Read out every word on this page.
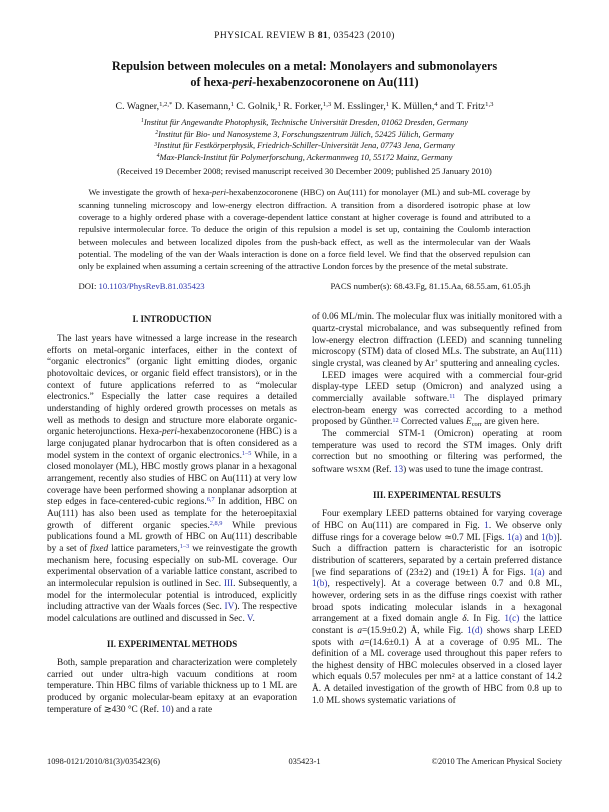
PHYSICAL REVIEW B 81, 035423 (2010)
Repulsion between molecules on a metal: Monolayers and submonolayers
of hexa-peri-hexabenzocoronene on Au(111)
C. Wagner,$^{1,2,*}$ D. Kasemann,$^1$ C. Golnik,$^1$ R. Forker,$^{1,3}$ M. Esslinger,$^1$ K. Müllen,$^4$ and T. Fritz$^{1,3}$
$^1$Institut für Angewandte Photophysik, Technische Universität Dresden, 01062 Dresden, Germany
$^2$Institut für Bio- und Nanosysteme 3, Forschungszentrum Jülich, 52425 Jülich, Germany
$^3$Institut für Festkörperphysik, Friedrich-Schiller-Universität Jena, 07743 Jena, Germany
$^4$Max-Planck-Institut für Polymerforschung, Ackermannweg 10, 55172 Mainz, Germany
(Received 19 December 2008; revised manuscript received 30 December 2009; published 25 January 2010)
We investigate the growth of hexa-peri-hexabenzocoronene (HBC) on Au(111) for monolayer (ML) and sub-ML coverage by scanning tunneling microscopy and low-energy electron diffraction. A transition from a disordered isotropic phase at low coverage to a highly ordered phase with a coverage-dependent lattice constant at higher coverage is found and attributed to a repulsive intermolecular force. To deduce the origin of this repulsion a model is set up, containing the Coulomb interaction between molecules and between localized dipoles from the push-back effect, as well as the intermolecular van der Waals potential. The modeling of the van der Waals interaction is done on a force field level. We find that the observed repulsion can only be explained when assuming a certain screening of the attractive London forces by the presence of the metal substrate.
DOI: 10.1103/PhysRevB.81.035423	PACS number(s): 68.43.Fg, 81.15.Aa, 68.55.am, 61.05.jh
I. INTRODUCTION

The last years have witnessed a large increase in the research efforts on metal-organic interfaces, either in the context of “organic electronics” (organic light emitting diodes, organic photovoltaic devices, or organic field effect transistors), or in the context of future applications referred to as “molecular electronics.” Especially the latter case requires a detailed understanding of highly ordered growth processes on metals as well as methods to design and structure more elaborate organic-organic heterojunctions. Hexa-peri-hexabenzocoronene (HBC) is a large conjugated planar hydrocarbon that is often considered as a model system in the context of organic electronics.$^{1-5}$ While, in a closed monolayer (ML), HBC mostly grows planar in a hexagonal arrangement, recently also studies of HBC on Au(111) at very low coverage have been performed showing a nonplanar adsorption at step edges in face-centered-cubic regions.$^{6,7}$ In addition, HBC on Au(111) has also been used as template for the heteroepitaxial growth of different organic species.$^{2,8,9}$ While previous publications found a ML growth of HBC on Au(111) describable by a set of fixed lattice parameters,$^{1-3}$ we reinvestigate the growth mechanism here, focusing especially on sub-ML coverage. Our experimental observation of a variable lattice constant, ascribed to an intermolecular repulsion is outlined in Sec. III. Subsequently, a model for the intermolecular potential is introduced, explicitly including attractive van der Waals forces (Sec. IV). The respective model calculations are outlined and discussed in Sec. V.

II. EXPERIMENTAL METHODS

Both, sample preparation and characterization were completely carried out under ultra-high vacuum conditions at room temperature. Thin HBC films of variable thickness up to 1 ML are produced by organic molecular-beam epitaxy at an evaporation temperature of ≳430 °C (Ref. 10) and a rate

of 0.06 ML/min. The molecular flux was initially monitored with a quartz-crystal microbalance, and was subsequently refined from low-energy electron diffraction (LEED) and scanning tunneling microscopy (STM) data of closed MLs. The substrate, an Au(111) single crystal, was cleaned by Ar+ sputtering and annealing cycles.

LEED images were acquired with a commercial four-grid display-type LEED setup (Omicron) and analyzed using a commercially available software.$^{11}$ The displayed primary electron-beam energy was corrected according to a method proposed by Günther.$^{12}$ Corrected values Ecorr are given here.

The commercial STM-1 (Omicron) operating at room temperature was used to record the STM images. Only drift correction but no smoothing or filtering was performed, the software WSXM (Ref. 13) was used to tune the image contrast.

III. EXPERIMENTAL RESULTS

Four exemplary LEED patterns obtained for varying coverage of HBC on Au(111) are compared in Fig. 1. We observe only diffuse rings for a coverage below ≃0.7 ML [Figs. 1(a) and 1(b)]. Such a diffraction pattern is characteristic for an isotropic distribution of scatterers, separated by a certain preferred distance [we find separations of (23±2) and (19±1) Å for Figs. 1(a) and 1(b), respectively]. At a coverage between 0.7 and 0.8 ML, however, ordering sets in as the diffuse rings coexist with rather broad spots indicating molecular islands in a hexagonal arrangement at a fixed domain angle δ. In Fig. 1(c) the lattice constant is a=(15.9±0.2) Å, while Fig. 1(d) shows sharp LEED spots with a=(14.6±0.1) Å at a coverage of 0.95 ML. The definition of a ML coverage used throughout this paper refers to the highest density of HBC molecules observed in a closed layer which equals 0.57 molecules per $nm^2$ at a lattice constant of 14.2 Å. A detailed investigation of the growth of HBC from 0.8 up to 1.0 ML shows systematic variations of

1098-0121/2010/81(3)/035423(6)	035423-1	©2010 The American Physical Society
